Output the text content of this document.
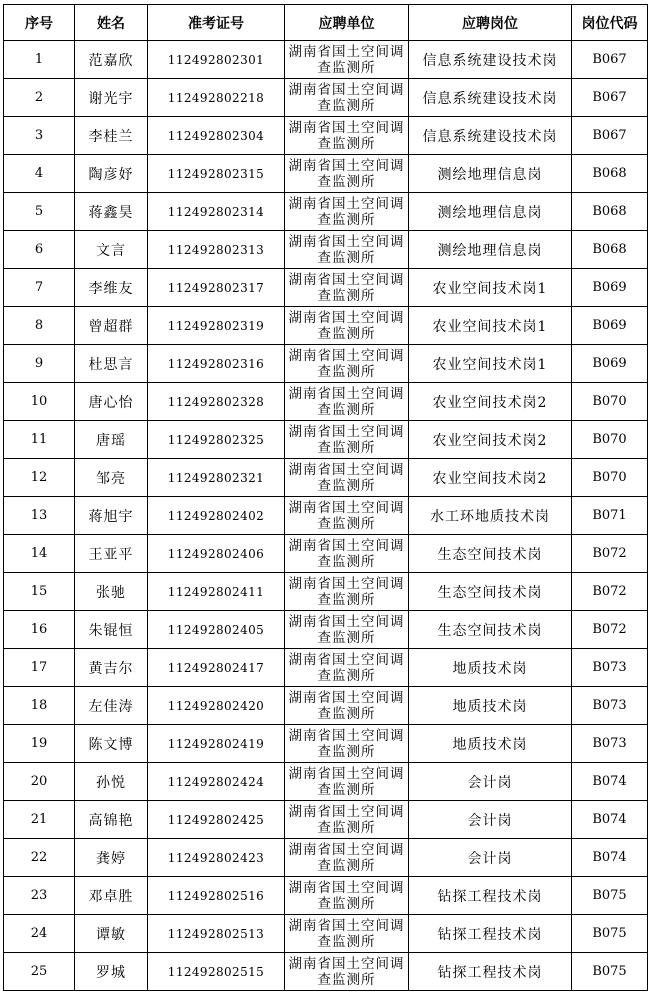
序号	姓名	准考证号	应聘单位	应聘岗位	岗位代码
1	范嘉欣	112492802301	湖南省国土空间调查监测所	信息系统建设技术岗	B067
2	谢光宇	112492802218	湖南省国土空间调查监测所	信息系统建设技术岗	B067
3	李桂兰	112492802304	湖南省国土空间调查监测所	信息系统建设技术岗	B067
4	陶彦妤	112492802315	湖南省国土空间调查监测所	测绘地理信息岗	B068
5	蒋鑫昊	112492802314	湖南省国土空间调查监测所	测绘地理信息岗	B068
6	文言	112492802313	湖南省国土空间调查监测所	测绘地理信息岗	B068
7	李维友	112492802317	湖南省国土空间调查监测所	农业空间技术岗1	B069
8	曾超群	112492802319	湖南省国土空间调查监测所	农业空间技术岗1	B069
9	杜思言	112492802316	湖南省国土空间调查监测所	农业空间技术岗1	B069
10	唐心怡	112492802328	湖南省国土空间调查监测所	农业空间技术岗2	B070
11	唐瑶	112492802325	湖南省国土空间调查监测所	农业空间技术岗2	B070
12	邹亮	112492802321	湖南省国土空间调查监测所	农业空间技术岗2	B070
13	蒋旭宇	112492802402	湖南省国土空间调查监测所	水工环地质技术岗	B071
14	王亚平	112492802406	湖南省国土空间调查监测所	生态空间技术岗	B072
15	张驰	112492802411	湖南省国土空间调查监测所	生态空间技术岗	B072
16	朱锟恒	112492802405	湖南省国土空间调查监测所	生态空间技术岗	B072
17	黄吉尔	112492802417	湖南省国土空间调查监测所	地质技术岗	B073
18	左佳涛	112492802420	湖南省国土空间调查监测所	地质技术岗	B073
19	陈文博	112492802419	湖南省国土空间调查监测所	地质技术岗	B073
20	孙悦	112492802424	湖南省国土空间调查监测所	会计岗	B074
21	高锦艳	112492802425	湖南省国土空间调查监测所	会计岗	B074
22	龚婷	112492802423	湖南省国土空间调查监测所	会计岗	B074
23	邓卓胜	112492802516	湖南省国土空间调查监测所	钻探工程技术岗	B075
24	谭敏	112492802513	湖南省国土空间调查监测所	钻探工程技术岗	B075
25	罗城	112492802515	湖南省国土空间调查监测所	钻探工程技术岗	B075
